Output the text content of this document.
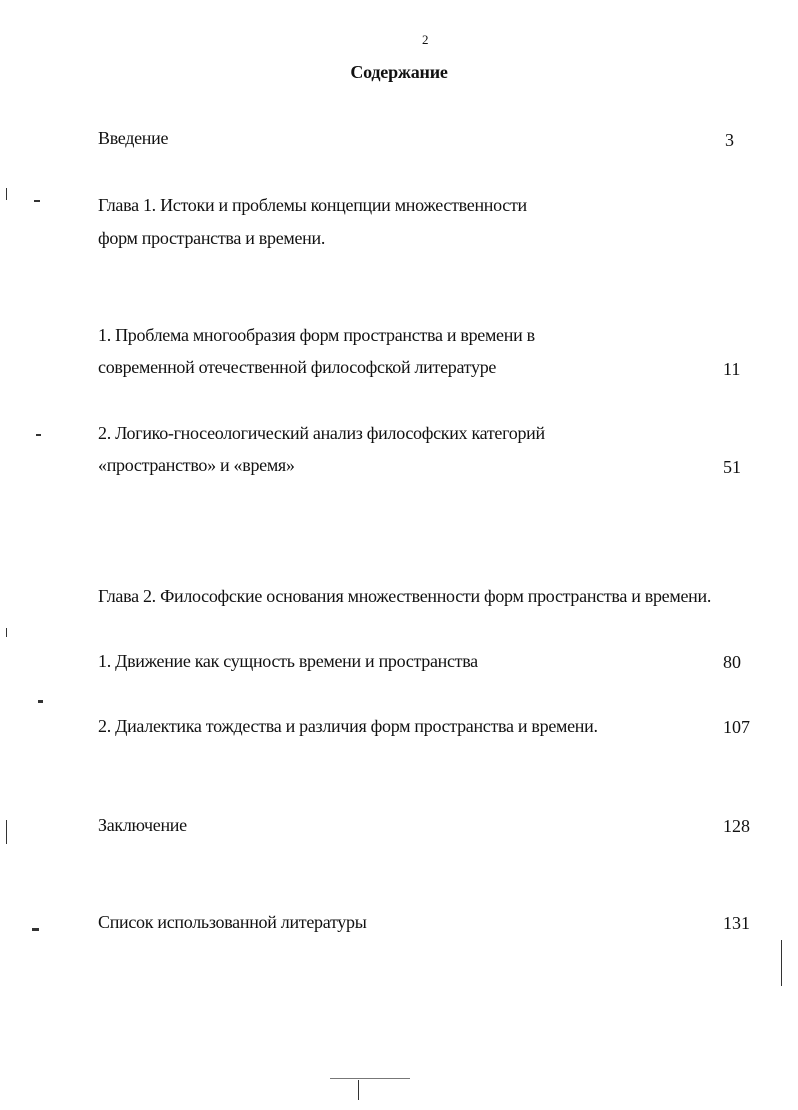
2
Содержание
Введение	3
Глава 1. Истоки и проблемы концепции множественности
форм пространства и времени.
1. Проблема многообразия форм пространства и времени в
современной отечественной философской литературе	11
2. Логико-гносеологический анализ философских категорий
«пространство» и «время»	51
Глава 2. Философские основания множественности форм пространства и времени.
1. Движение как сущность времени и пространства	80
2. Диалектика тождества и различия форм пространства и времени.	107
Заключение	128
Список использованной литературы	131
